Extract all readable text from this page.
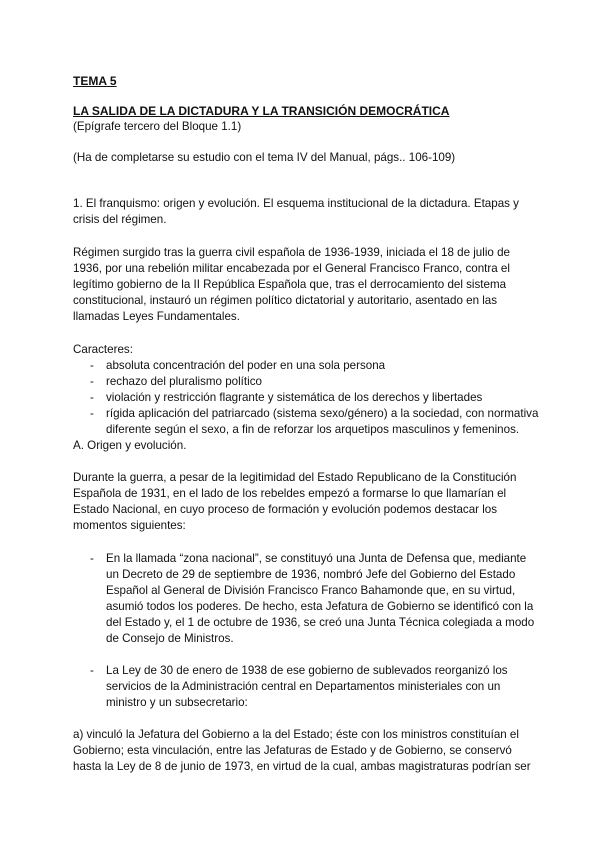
TEMA 5

LA SALIDA DE LA DICTADURA Y LA TRANSICIÓN DEMOCRÁTICA

(Epígrafe tercero del Bloque 1.1)

(Ha de completarse su estudio con el tema IV del Manual, págs.. 106-109)

1. El franquismo: origen y evolución. El esquema institucional de la dictadura. Etapas y crisis del régimen.

Régimen surgido tras la guerra civil española de 1936-1939, iniciada el 18 de julio de 1936, por una rebelión militar encabezada por el General Francisco Franco, contra el legítimo gobierno de la II República Española que, tras el derrocamiento del sistema constitucional, instauró un régimen político dictatorial y autoritario, asentado en las llamadas Leyes Fundamentales.

Caracteres:

- absoluta concentración del poder en una sola persona
- rechazo del pluralismo político
- violación y restricción flagrante y sistemática de los derechos y libertades
- rígida aplicación del patriarcado (sistema sexo/género) a la sociedad, con normativa diferente según el sexo, a fin de reforzar los arquetipos masculinos y femeninos.

A. Origen y evolución.

Durante la guerra, a pesar de la legitimidad del Estado Republicano de la Constitución Española de 1931, en el lado de los rebeldes empezó a formarse lo que llamarían el Estado Nacional, en cuyo proceso de formación y evolución podemos destacar los momentos siguientes:

- En la llamada “zona nacional”, se constituyó una Junta de Defensa que, mediante un Decreto de 29 de septiembre de 1936, nombró Jefe del Gobierno del Estado Español al General de División Francisco Franco Bahamonde que, en su virtud, asumió todos los poderes. De hecho, esta Jefatura de Gobierno se identificó con la del Estado y, el 1 de octubre de 1936, se creó una Junta Técnica colegiada a modo de Consejo de Ministros.
- La Ley de 30 de enero de 1938 de ese gobierno de sublevados reorganizó los servicios de la Administración central en Departamentos ministeriales con un ministro y un subsecretario:

a) vinculó la Jefatura del Gobierno a la del Estado; éste con los ministros constituían el Gobierno; esta vinculación, entre las Jefaturas de Estado y de Gobierno, se conservó hasta la Ley de 8 de junio de 1973, en virtud de la cual, ambas magistraturas podrían ser
